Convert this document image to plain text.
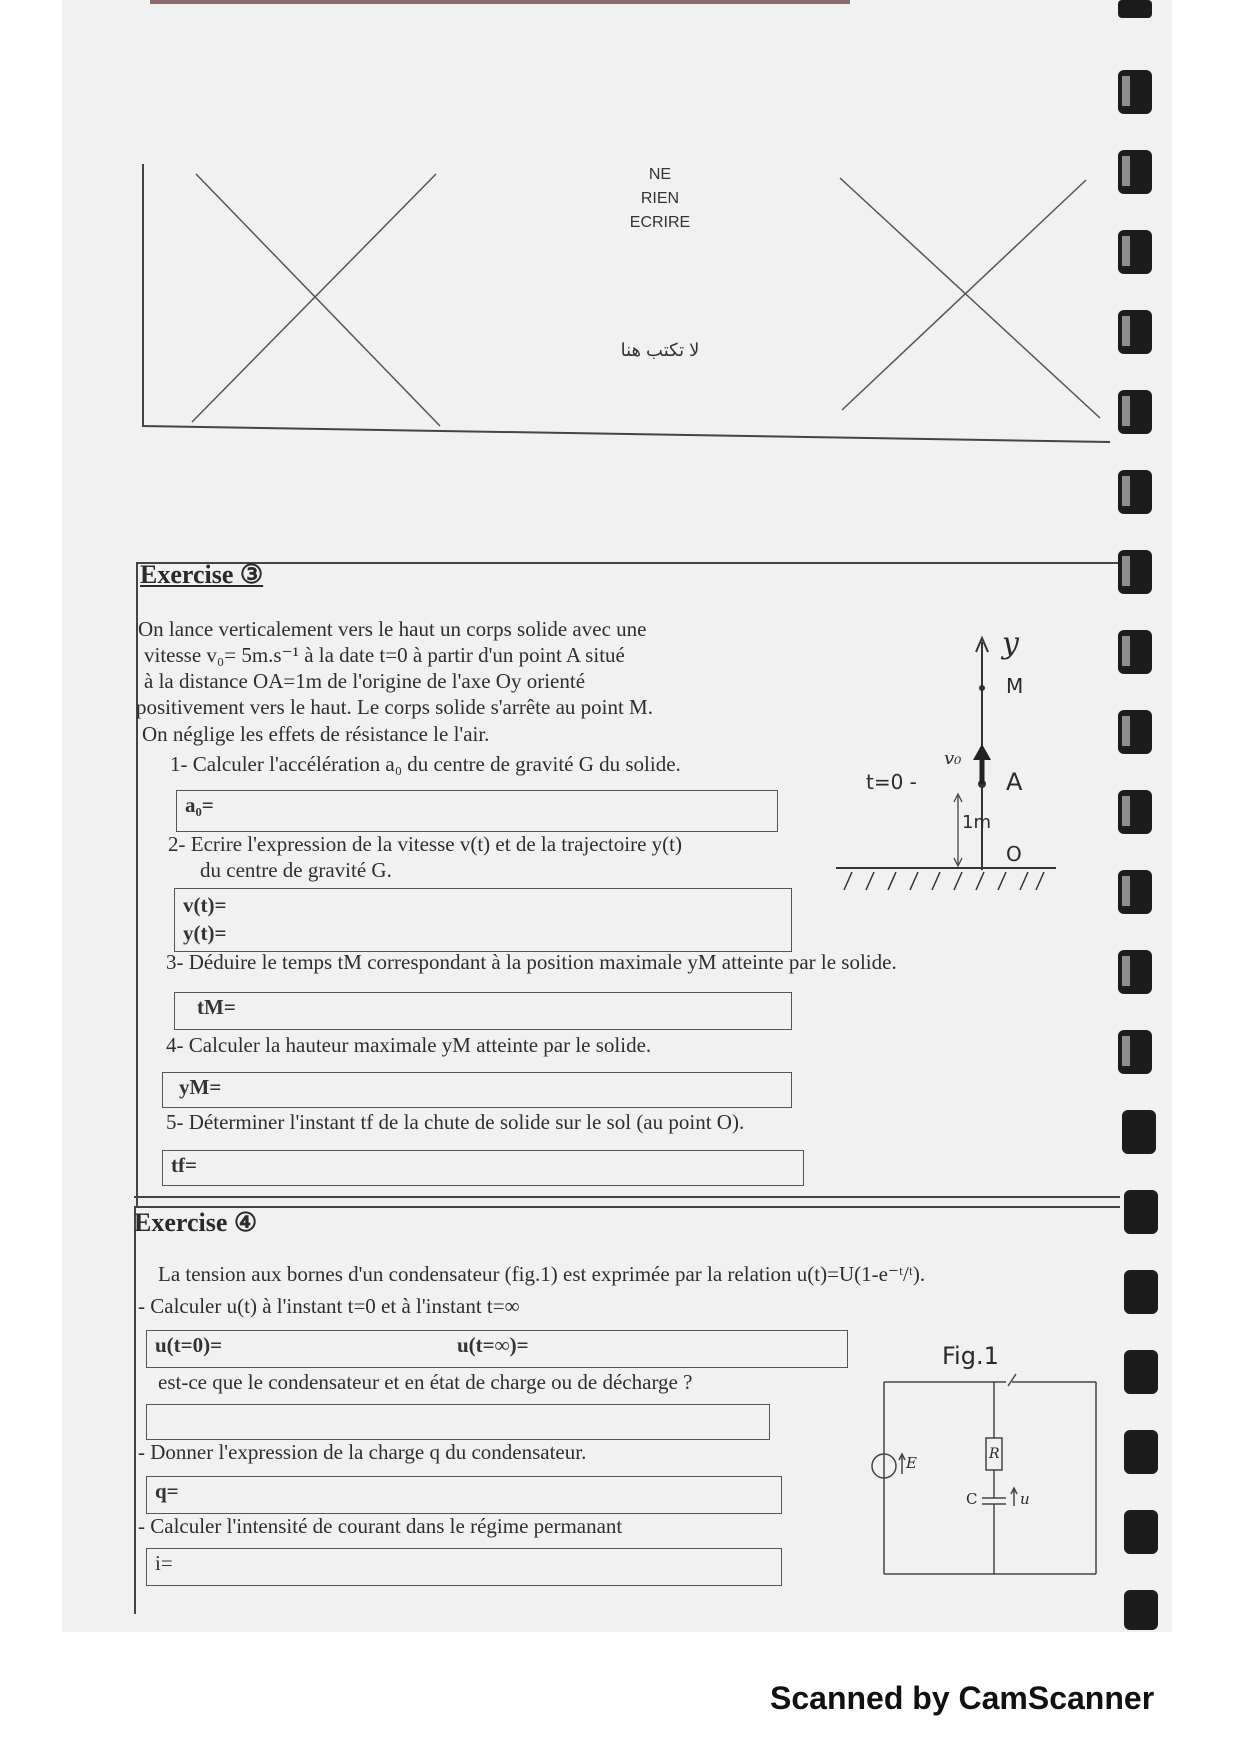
NE
RIEN
ECRIRE
لا تكتب هنا
Exercise ③
On lance verticalement vers le haut un corps solide avec une
vitesse v₀= 5m.s⁻¹ à la date t=0 à partir d'un point A situé
à la distance OA=1m de l'origine de l'axe Oy orienté
positivement vers le haut. Le corps solide s'arrête au point M.
On néglige les effets de résistance le l'air.
1- Calculer l'accélération a₀ du centre de gravité G du solide.
a₀=
2- Ecrire l'expression de la vitesse v(t) et de la trajectoire y(t)
du centre de gravité G.
v(t)=
y(t)=
3- Déduire le temps tM correspondant à la position maximale yM atteinte par le solide.
tM=
4- Calculer la hauteur maximale yM atteinte par le solide.
yM=
5- Déterminer l'instant tf de la chute de solide sur le sol (au point O).
tf=
y
M
A
O
t=0 -
v₀
1m
Exercise ④
La tension aux bornes d'un condensateur (fig.1) est exprimée par la relation u(t)=U(1-e⁻ᵗ/ᵗ).
- Calculer u(t) à l'instant t=0 et à l'instant t=∞
u(t=0)=	u(t=∞)=
est-ce que le condensateur et en état de charge ou de décharge ?
- Donner l'expression de la charge q du condensateur.
q=
- Calculer l'intensité de courant dans le régime permanant
i=
Fig.1
E	R
C	u
Scanned by CamScanner
